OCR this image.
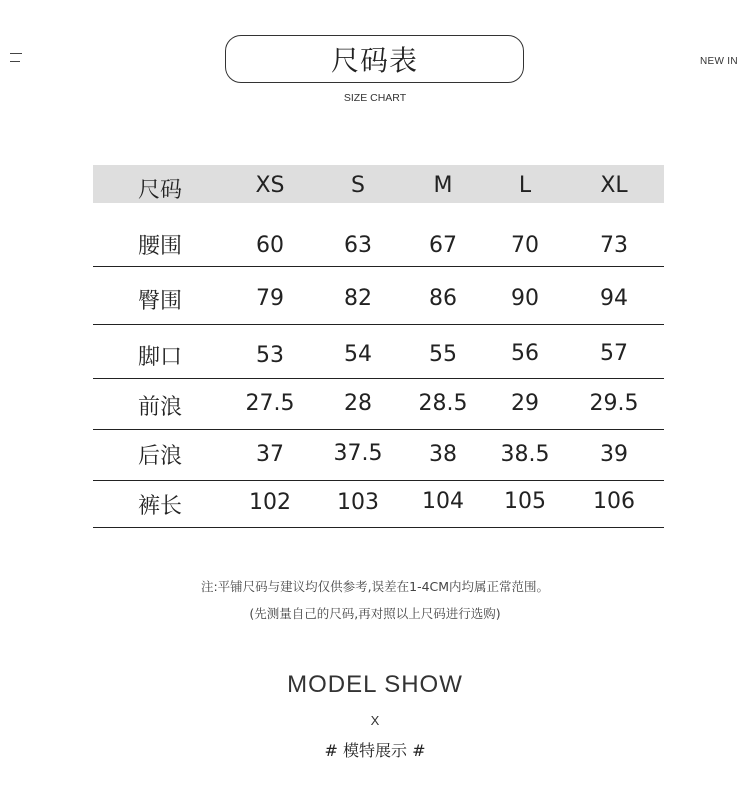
NEW IN
尺码表
SIZE CHART
尺码	XS	S	M	L	XL
腰围	60	63	67 70	73
臀围	79	82	86 90	94
脚口	53	54	55 56	57
前浪	27.5 28 28.5 29 29.5
后浪	37 37.5 38 38.5 39
裤长	102 103 104 105 106
注:平铺尺码与建议均仅供参考,误差在1-4CM内均属正常范围。
(先测量自己的尺码,再对照以上尺码进行选购)
MODEL SHOW
X
# 模特展示 #
